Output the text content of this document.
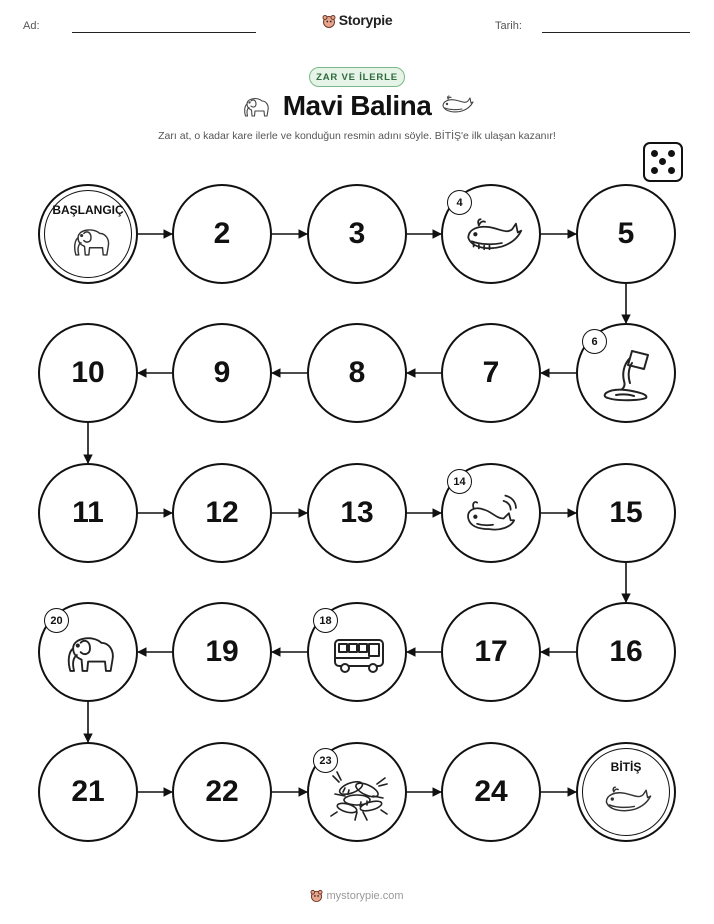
Ad:	Storypie	Tarih:
ZAR VE İLERLE
Mavi Balina
Zarı at, o kadar kare ilerle ve konduğun resmin adını söyle. BİTİŞ'e ilk ulaşan kazanır!
BAŞLANGIÇ
BİTİŞ
2	3
4
5
6
7
8
9
10
11	12	13
14
15
16
17
18
19
20
21	22
23
24
mystorypie.com
